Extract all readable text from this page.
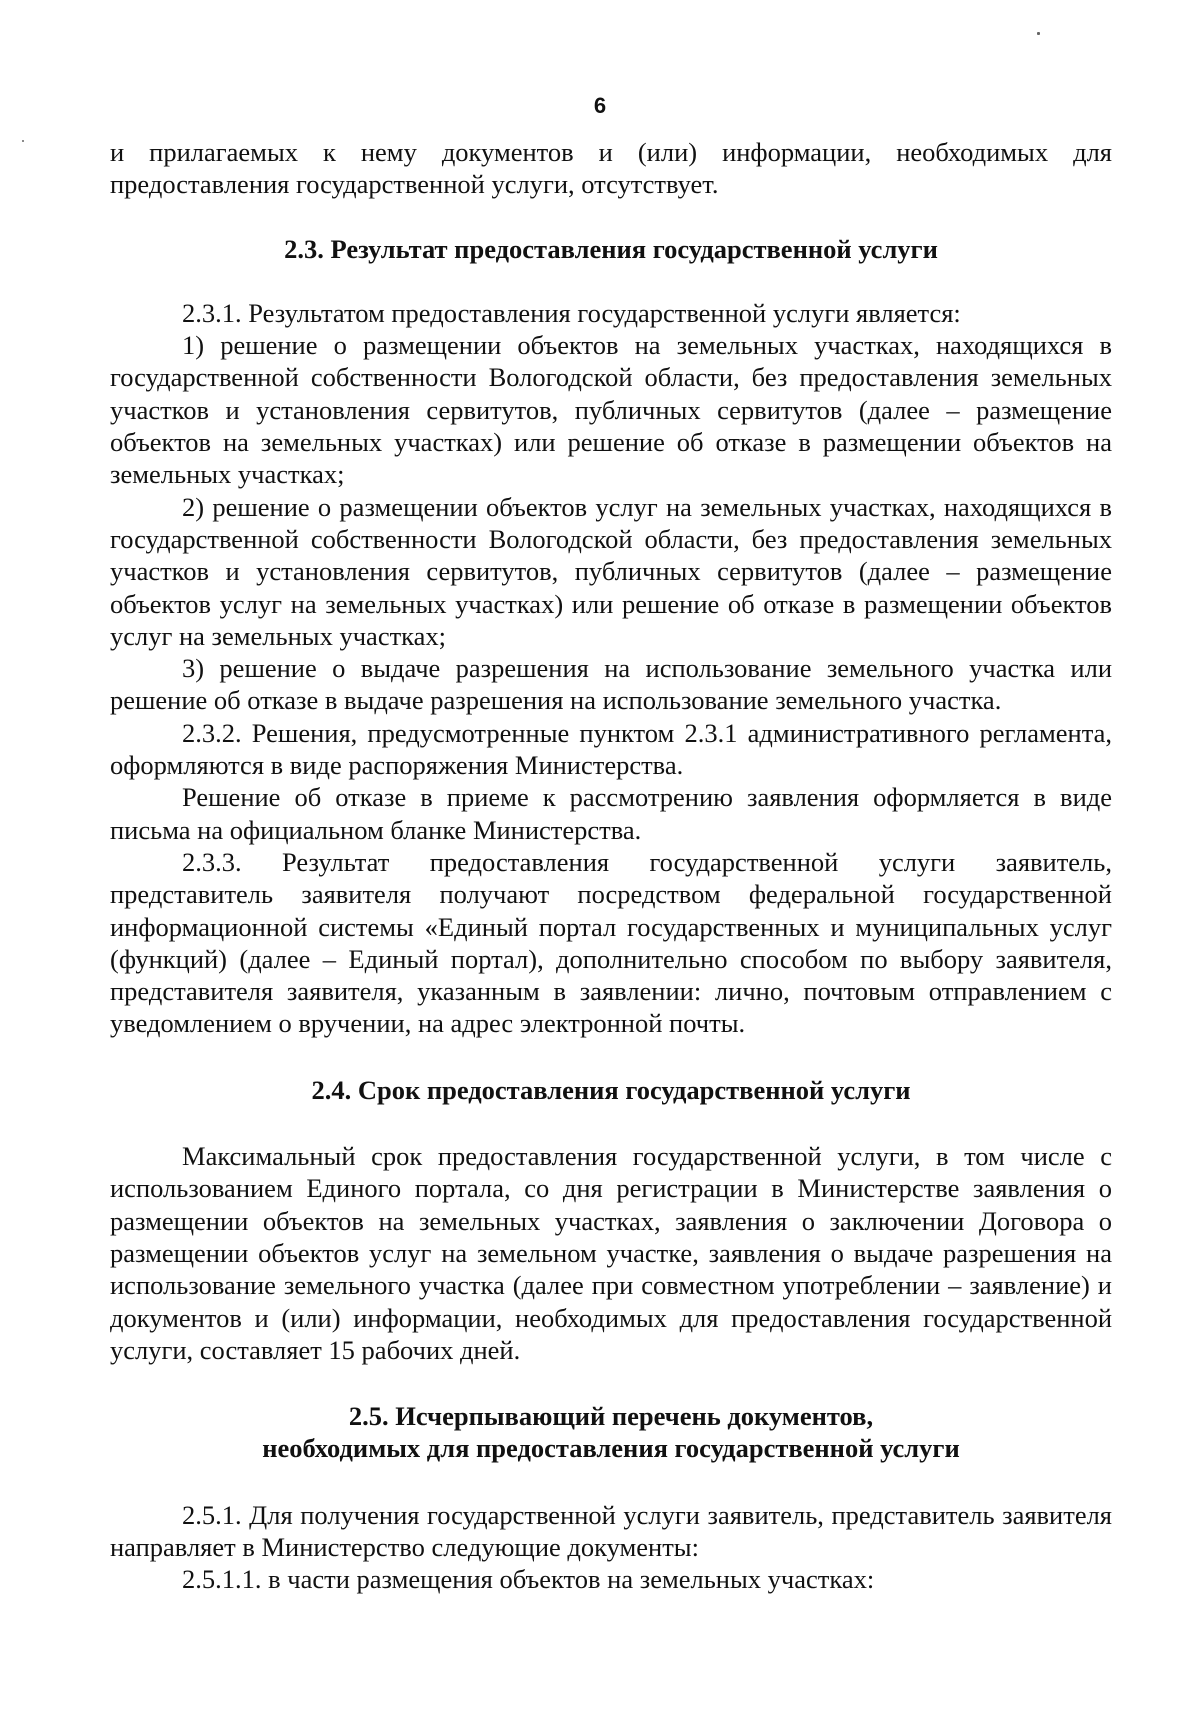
6

и прилагаемых к нему документов и (или) информации, необходимых для предоставления государственной услуги, отсутствует.

2.3. Результат предоставления государственной услуги

2.3.1. Результатом предоставления государственной услуги является:

1) решение о размещении объектов на земельных участках, находящихся в государственной собственности Вологодской области, без предоставления земельных участков и установления сервитутов, публичных сервитутов (далее – размещение объектов на земельных участках) или решение об отказе в размещении объектов на земельных участках;

2) решение о размещении объектов услуг на земельных участках, находящихся в государственной собственности Вологодской области, без предоставления земельных участков и установления сервитутов, публичных сервитутов (далее – размещение объектов услуг на земельных участках) или решение об отказе в размещении объектов услуг на земельных участках;

3) решение о выдаче разрешения на использование земельного участка или решение об отказе в выдаче разрешения на использование земельного участка.

2.3.2. Решения, предусмотренные пунктом 2.3.1 административного регламента, оформляются в виде распоряжения Министерства.

Решение об отказе в приеме к рассмотрению заявления оформляется в виде письма на официальном бланке Министерства.

2.3.3. Результат предоставления государственной услуги заявитель, представитель заявителя получают посредством федеральной государственной информационной системы «Единый портал государственных и муниципальных услуг (функций) (далее – Единый портал), дополнительно способом по выбору заявителя, представителя заявителя, указанным в заявлении: лично, почтовым отправлением с уведомлением о вручении, на адрес электронной почты.

2.4. Срок предоставления государственной услуги

Максимальный срок предоставления государственной услуги, в том числе с использованием Единого портала, со дня регистрации в Министерстве заявления о размещении объектов на земельных участках, заявления о заключении Договора о размещении объектов услуг на земельном участке, заявления о выдаче разрешения на использование земельного участка (далее при совместном употреблении – заявление) и документов и (или) информации, необходимых для предоставления государственной услуги, составляет 15 рабочих дней.

2.5. Исчерпывающий перечень документов,
необходимых для предоставления государственной услуги

2.5.1. Для получения государственной услуги заявитель, представитель заявителя направляет в Министерство следующие документы:

2.5.1.1. в части размещения объектов на земельных участках:
